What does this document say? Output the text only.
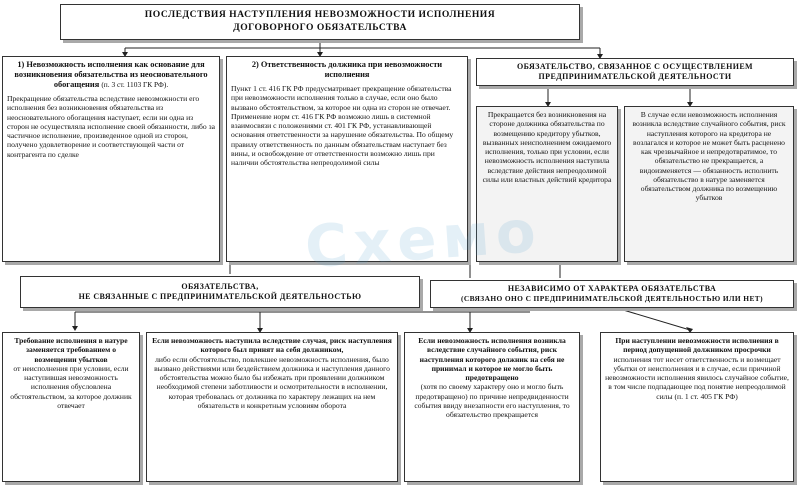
ПОСЛЕДСТВИЯ НАСТУПЛЕНИЯ НЕВОЗМОЖНОСТИ ИСПОЛНЕНИЯ
ДОГОВОРНОГО ОБЯЗАТЕЛЬСТВА
1) Невозможность исполнения как основание для возникновения обязательства из неосновательного обогащения (п. 3 ст. 1103 ГК РФ).
Прекращение обязательства вследствие невозможности его исполнения без возникновения обязательства из неосновательного обогащения наступает, если ни одна из сторон не осуществляла исполнение своей обязанности, либо за частичное исполнение, произведенное одной из сторон, получено удовлетворение и соответствующей части от контрагента по сделке
2) Ответственность должника при невозможности исполнения
Пункт 1 ст. 416 ГК РФ предусматривает прекращение обязательства при невозможности исполнения только в случае, если оно было вызвано обстоятельством, за которое ни одна из сторон не отвечает. Применение норм ст. 416 ГК РФ возможно лишь в системной взаимосвязи с положениями ст. 401 ГК РФ, устанавливающей основания ответственности за нарушение обязательства. По общему правилу ответственность по данным обязательствам наступает без вины, и освобождение от ответственности возможно лишь при наличии обстоятельства непреодолимой силы
ОБЯЗАТЕЛЬСТВО, СВЯЗАННОЕ С ОСУЩЕСТВЛЕНИЕМ ПРЕДПРИНИМАТЕЛЬСКОЙ ДЕЯТЕЛЬНОСТИ
Прекращается без возникновения на стороне должника обязательства по возмещению кредитору убытков, вызванных неисполнением ожидаемого исполнения, только при условии, если невозможность исполнения наступила вследствие действия непреодолимой силы или властных действий кредитора
В случае если невозможность исполнения возникла вследствие случайного события, риск наступления которого на кредитора не возлагался и которое не может быть расценено как чрезвычайное и непредотвратимое, то обязательство не прекращается, а видоизменяется — обязанность исполнить обязательство в натуре заменяется обязательством должника по возмещению убытков
ОБЯЗАТЕЛЬСТВА,
НЕ СВЯЗАННЫЕ С ПРЕДПРИНИМАТЕЛЬСКОЙ ДЕЯТЕЛЬНОСТЬЮ
НЕЗАВИСИМО ОТ ХАРАКТЕРА ОБЯЗАТЕЛЬСТВА
(СВЯЗАНО ОНО С ПРЕДПРИНИМАТЕЛЬСКОЙ ДЕЯТЕЛЬНОСТЬЮ ИЛИ НЕТ)
Требование исполнения в натуре заменяется требованием о возмещении убытков
от неисполнения при условии, если наступившая невозможность исполнения обусловлена обстоятельством, за которое должник отвечает
Если невозможность наступила вследствие случая, риск наступления которого был принят на себя должником,
либо если обстоятельство, повлекшее невозможность исполнения, было вызвано действиями или бездействием должника и наступления данного обстоятельства можно было бы избежать при проявлении должником необходимой степени заботливости и осмотрительности в исполнении, которая требовалась от должника по характеру лежащих на нем обязательств и конкретным условиям оборота
Если невозможность исполнения возникла вследствие случайного события, риск наступления которого должник на себя не принимал и которое не могло быть предотвращено
(хотя по своему характеру оно и могло быть предотвращено) по причине непредвиденности события ввиду внезапности его наступления, то обязательство прекращается
При наступлении невозможности исполнения в период допущенной должником просрочки
исполнения тот несет ответственность и возмещает убытки от неисполнения и в случае, если причиной невозможности исполнения явилось случайное событие, в том числе подпадающее под понятие непреодолимой силы (п. 1 ст. 405 ГК РФ)
